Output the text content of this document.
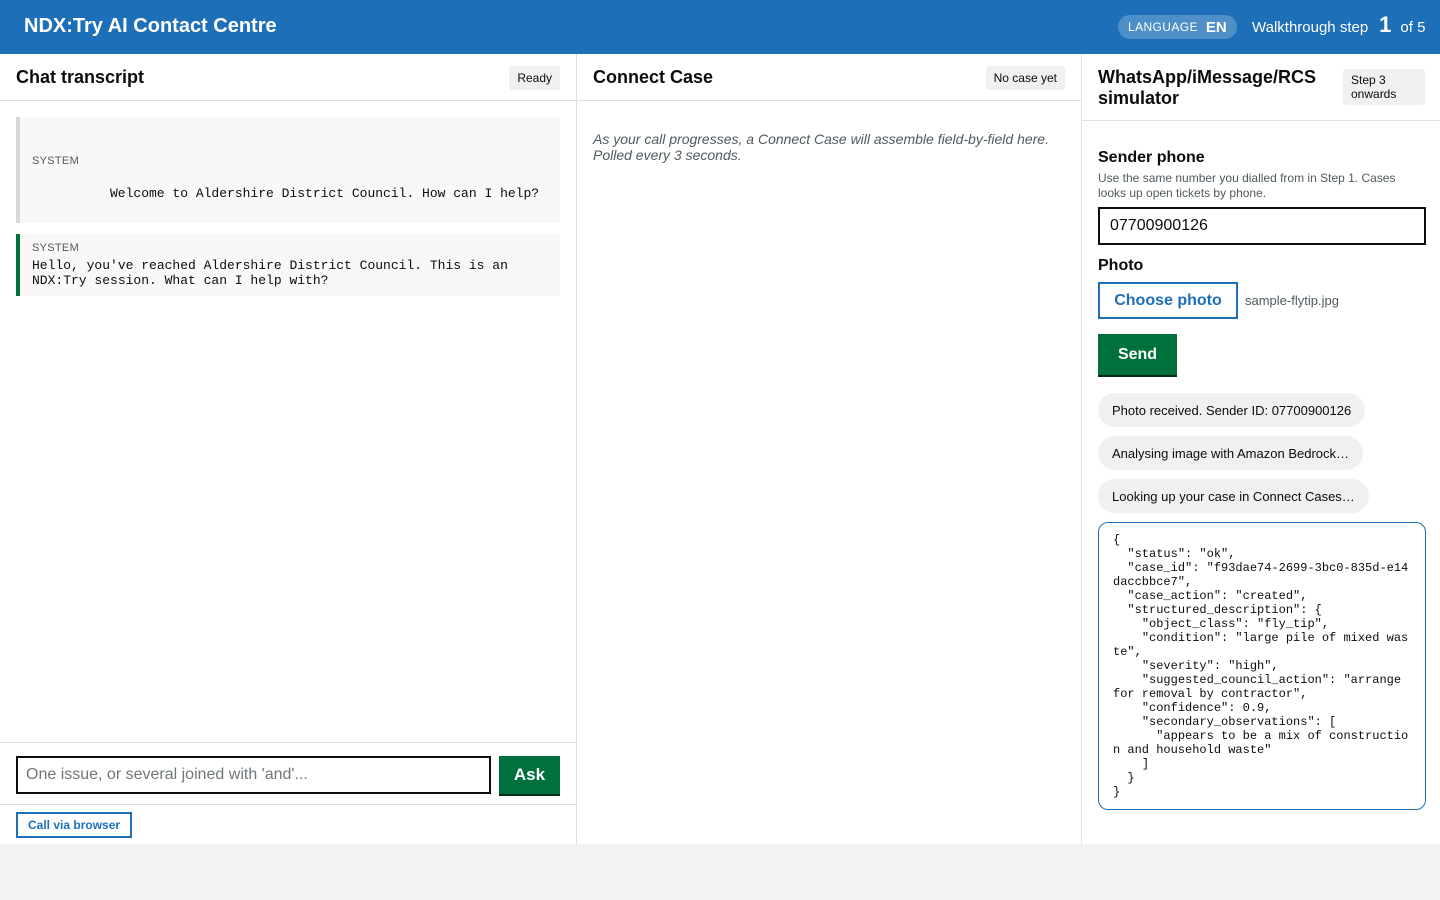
NDX:Try AI Contact Centre	LANGUAGE EN Walkthrough step 1 of 5
Chat transcript	Ready
SYSTEM
Welcome to Aldershire District Council. How can I help?
SYSTEM
Hello, you've reached Aldershire District Council. This is an NDX:Try session. What can I help with?
One issue, or several joined with 'and'...
Ask
Call via browser
Connect Case	No case yet
As your call progresses, a Connect Case will assemble field-by-field here. Polled every 3 seconds.
WhatsApp/iMessage/RCS simulator
Step 3 onwards
Sender phone
Use the same number you dialled from in Step 1. Cases looks up open tickets by phone.
07700900126
Photo
Choose photo	sample-flytip.jpg
Send
Photo received. Sender ID: 07700900126
Analysing image with Amazon Bedrock…
Looking up your case in Connect Cases…
{
"status": "ok",
"case_id": "f93dae74-2699-3bc0-835d-e14daccbbce7",
"case_action": "created",
"structured_description": {
"object_class": "fly_tip",
"condition": "large pile of mixed waste",
"severity": "high",
"suggested_council_action": "arrange for removal by contractor",
"confidence": 0.9,
"secondary_observations": [
"appears to be a mix of construction and household waste"
]
}
}
